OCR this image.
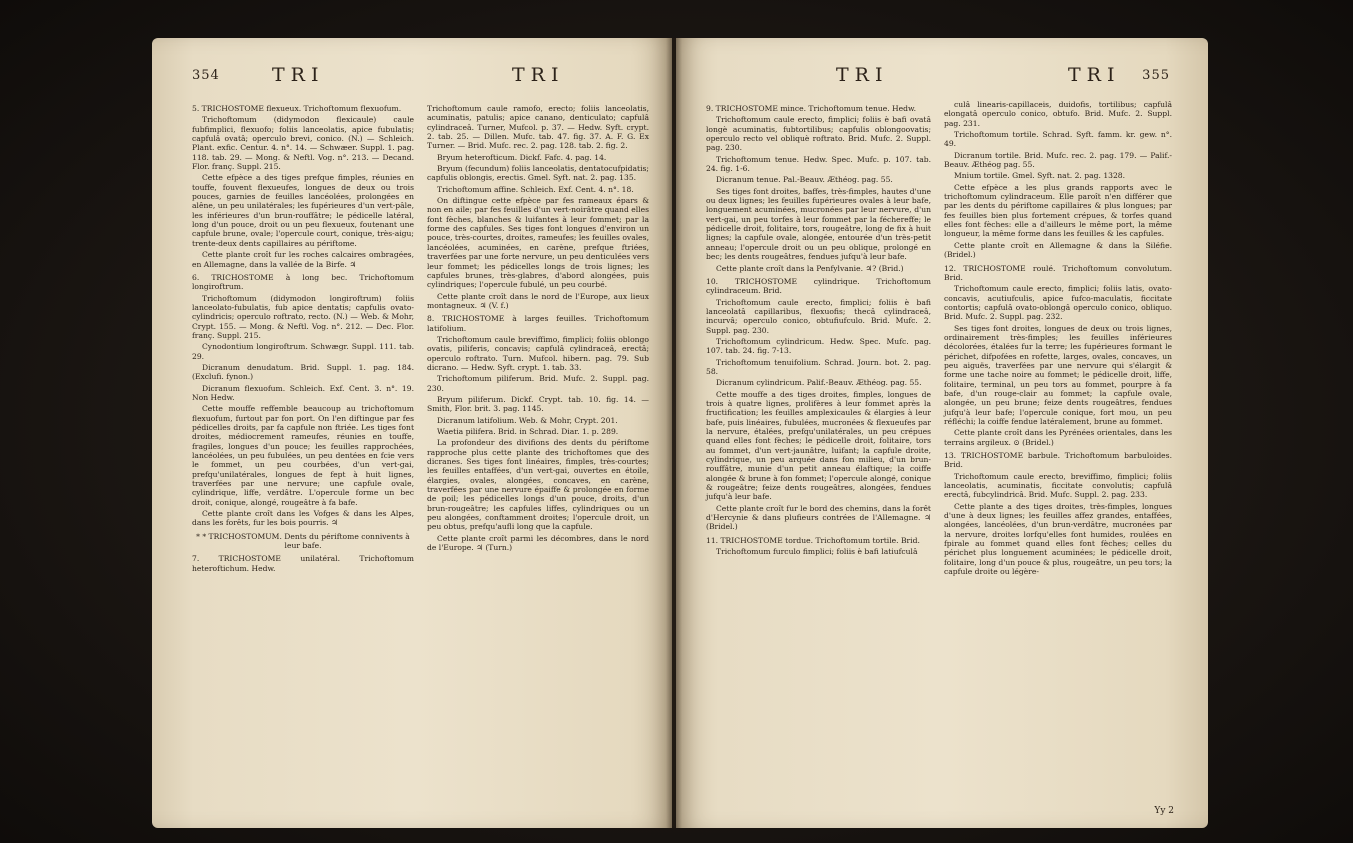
354	TRI	TRI

5. TRICHOSTOME flexueux. Trichoftomum flexuofum.

Trichoftomum (didymodon flexicaule) caule fubfimplici, flexuofo; foliis lanceolatis, apice fubulatis; capfulâ ovatâ; operculo brevi, conico. (N.) — Schleich. Plant. exfic. Centur. 4. n°. 14. — Schwæer. Suppl. 1. pag. 118. tab. 29. — Mong. & Neftl. Vog. n°. 213. — Decand. Flor. franç. Suppl. 215.

Cette efpèce a des tiges prefque fimples, réunies en touffe, fouvent flexueufes, longues de deux ou trois pouces, garnies de feuilles lancéolées, prolongées en alêne, un peu unilatérales; les fupérieures d'un vert-pâle, les inférieures d'un brun-rouffâtre; le pédicelle latéral, long d'un pouce, droit ou un peu flexueux, foutenant une capfule brune, ovale; l'opercule court, conique, très-aigu; trente-deux dents capillaires au périftome.

Cette plante croît fur les roches calcaires ombragées, en Allemagne, dans la vallée de la Birfe. ♃

6. TRICHOSTOME à long bec. Trichoftomum longiroftrum.

Trichoftomum (didymodon longiroftrum) foliis lanceolato-fubulatis, fub apice dentatis; capfulis ovato-cylindricis; operculo roftrato, recto. (N.) — Web. & Mohr, Crypt. 155. — Mong. & Neftl. Vog. n°. 212. — Dec. Flor. franç. Suppl. 215.

Cynodontium longiroftrum. Schwægr. Suppl. 111. tab. 29.

Dicranum denudatum. Brid. Suppl. 1. pag. 184. (Exclufi. fynon.)

Dicranum flexuofum. Schleich. Exf. Cent. 3. n°. 19. Non Hedw.

Cette mouffe reffemble beaucoup au trichoftomum flexuofum, furtout par fon port. On l'en diftingue par fes pédicelles droits, par fa capfule non ftriée. Les tiges font droites, médiocrement rameufes, réunies en touffe, fragiles, longues d'un pouce; les feuilles rapprochées, lancéolées, un peu fubulées, un peu dentées en fcie vers le fommet, un peu courbées, d'un vert-gai, prefqu'unilatérales, longues de fept à huit lignes, traverfées par une nervure; une capfule ovale, cylindrique, liffe, verdâtre. L'opercule forme un bec droit, conique, alongé, rougeâtre à fa bafe.

Cette plante croît dans les Vofges & dans les Alpes, dans les forêts, fur les bois pourris. ♃

* * TRICHOSTOMUM. Dents du périftome connivents à leur bafe.

7. TRICHOSTOME unilatéral. Trichoftomum heteroftichum. Hedw.

Trichoftomum caule ramofo, erecto; foliis lanceolatis, acuminatis, patulis; apice canano, denticulato; capfulâ cylindraceâ. Turner, Mufcol. p. 37. — Hedw. Syft. crypt. 2. tab. 25. — Dillen. Mufc. tab. 47. fig. 37. A. F. G. Ex Turner. — Brid. Mufc. rec. 2. pag. 128. tab. 2. fig. 2.

Bryum heterofticum. Dickf. Fafc. 4. pag. 14.

Bryum (fecundum) foliis lanceolatis, dentatocufpidatis; capfulis oblongis, erectis. Gmel. Syft. nat. 2. pag. 135.

Trichoftomum affine. Schleich. Exf. Cent. 4. n°. 18.

On diftingue cette efpèce par fes rameaux épars & non en aile; par fes feuilles d'un vert-noirâtre quand elles font fèches, blanches & luifantes à leur fommet; par la forme des capfules. Ses tiges font longues d'environ un pouce, très-courtes, droites, rameufes; les feuilles ovales, lancéolées, acuminées, en carène, prefque ftriées, traverfées par une forte nervure, un peu denticulées vers leur fommet; les pédicelles longs de trois lignes; les capfules brunes, très-glabres, d'abord alongées, puis cylindriques; l'opercule fubulé, un peu courbé.

Cette plante croît dans le nord de l'Europe, aux lieux montagneux. ♃ (V. f.)

8. TRICHOSTOME à larges feuilles. Trichoftomum latifolium.

Trichoftomum caule breviffimo, fimplici; foliis oblongo ovatis, piliferis, concavis; capfulâ cylindraceâ, erectâ; operculo roftrato. Turn. Mufcol. hibern. pag. 79. Sub dicrano. — Hedw. Syft. crypt. 1. tab. 33.

Trichoftomum piliferum. Brid. Mufc. 2. Suppl. pag. 230.

Bryum piliferum. Dickf. Crypt. tab. 10. fig. 14. — Smith, Flor. brit. 3. pag. 1145.

Dicranum latifolium. Web. & Mohr, Crypt. 201.

Waetia pilifera. Brid. in Schrad. Diar. 1. p. 289.

La profondeur des divifions des dents du périftome rapproche plus cette plante des trichoftomes que des dicranes. Ses tiges font linéaires, fimples, très-courtes; les feuilles entaffées, d'un vert-gai, ouvertes en étoile, élargies, ovales, alongées, concaves, en carène, traverfées par une nervure épaiffe & prolongée en forme de poil; les pédicelles longs d'un pouce, droits, d'un brun-rougeâtre; les capfules liffes, cylindriques ou un peu alongées, conftamment droites; l'opercule droit, un peu obtus, prefqu'aufli long que la capfule.

Cette plante croît parmi les décombres, dans le nord de l'Europe. ♃ (Turn.)

TRI	TRI 355

9. TRICHOSTOME mince. Trichoftomum tenue. Hedw.

Trichoftomum caule erecto, fimplici; foliis è bafi ovatâ longè acuminatis, fubtortilibus; capfulis oblongoovatis; operculo recto vel obliquè roftrato. Brid. Mufc. 2. Suppl. pag. 230.

Trichoftomum tenue. Hedw. Spec. Mufc. p. 107. tab. 24. fig. 1-6.

Dicranum tenue. Pal.-Beauv. Æthéog. pag. 55.

Ses tiges font droites, baffes, très-fimples, hautes d'une ou deux lignes; les feuilles fupérieures ovales à leur bafe, longuement acuminées, mucronées par leur nervure, d'un vert-gai, un peu torfes à leur fommet par la féchereffe; le pédicelle droit, folitaire, tors, rougeâtre, long de fix à huit lignes; la capfule ovale, alongée, entourée d'un très-petit anneau; l'opercule droit ou un peu oblique, prolongé en bec; les dents rougeâtres, fendues jufqu'à leur bafe.

Cette plante croît dans la Penfylvanie. ♃? (Brid.)

10. TRICHOSTOME cylindrique. Trichoftomum cylindraceum. Brid.

Trichoftomum caule erecto, fimplici; foliis è bafi lanceolatâ capillaribus, flexuofis; thecâ cylindraceâ, incurvâ; operculo conico, obtufiufculo. Brid. Mufc. 2. Suppl. pag. 230.

Trichoftomum cylindricum. Hedw. Spec. Mufc. pag. 107. tab. 24. fig. 7-13.

Trichoftomum tenuifolium. Schrad. Journ. bot. 2. pag. 58.

Dicranum cylindricum. Palif.-Beauv. Æthéog. pag. 55.

Cette mouffe a des tiges droites, fimples, longues de trois à quatre lignes, prolifères à leur fommet après la fructification; les feuilles amplexicaules & élargies à leur bafe, puis linéaires, fubulées, mucronées & flexueufes par la nervure, étalées, prefqu'unilatérales, un peu crépues quand elles font fèches; le pédicelle droit, folitaire, tors au fommet, d'un vert-jaunâtre, luifant; la capfule droite, cylindrique, un peu arquée dans fon milieu, d'un brun-rouffâtre, munie d'un petit anneau élaftique; la coiffe alongée & brune à fon fommet; l'opercule alongé, conique & rougeâtre; feize dents rougeâtres, alongées, fendues jufqu'à leur bafe.

Cette plante croît fur le bord des chemins, dans la forêt d'Hercynie & dans plufieurs contrées de l'Allemagne. ♃ (Bridel.)

11. TRICHOSTOME tordue. Trichoftomum tortile. Brid.

Trichoftomum furculo fimplici; foliis è bafi latiufculâ

culâ linearis-capillaceis, duidofis, tortilibus; capfulâ elongatâ operculo conico, obtufo. Brid. Mufc. 2. Suppl. pag. 231.

Trichoftomum tortile. Schrad. Syft. famm. kr. gew. n°. 49.

Dicranum tortile. Brid. Mufc. rec. 2. pag. 179. — Palif.-Beauv. Æthéog pag. 55.

Mnium tortile. Gmel. Syft. nat. 2. pag. 1328.

Cette efpèce a les plus grands rapports avec le trichoftomum cylindraceum. Elle paroît n'en différer que par les dents du périftome capillaires & plus longues; par fes feuilles bien plus fortement crépues, & torfes quand elles font fèches: elle a d'ailleurs le même port, la même longueur, la même forme dans les feuilles & les capfules.

Cette plante croît en Allemagne & dans la Siléfie. (Bridel.)

12. TRICHOSTOME roulé. Trichoftomum convolutum. Brid.

Trichoftomum caule erecto, fimplici; foliis latis, ovato-concavis, acutiufculis, apice fufco-maculatis, ficcitate contortis; capfulâ ovato-oblongâ operculo conico, obliquo. Brid. Mufc. 2. Suppl. pag. 232.

Ses tiges font droites, longues de deux ou trois lignes, ordinairement très-fimples; les feuilles inférieures décolorées, étalées fur la terre; les fupérieures formant le périchet, difpofées en rofette, larges, ovales, concaves, un peu aiguës, traverfées par une nervure qui s'élargit & forme une tache noire au fommet; le pédicelle droit, liffe, folitaire, terminal, un peu tors au fommet, pourpre à fa bafe, d'un rouge-clair au fommet; la capfule ovale, alongée, un peu brune; feize dents rougeâtres, fendues jufqu'à leur bafe; l'opercule conique, fort mou, un peu réfléchi; la coiffe fendue latéralement, brune au fommet.

Cette plante croît dans les Pyrénées orientales, dans les terrains argileux. ⊙ (Bridel.)

13. TRICHOSTOME barbule. Trichoftomum barbuloides. Brid.

Trichoftomum caule erecto, breviffimo, fimplici; foliis lanceolatis, acuminatis, ficcitate convolutis; capfulâ erectâ, fubcylindricâ. Brid. Mufc. Suppl. 2. pag. 233.

Cette plante a des tiges droites, très-fimples, longues d'une à deux lignes; les feuilles affez grandes, entaffées, alongées, lancéolées, d'un brun-verdâtre, mucronées par la nervure, droites lorfqu'elles font humides, roulées en fpirale au fommet quand elles font fèches; celles du périchet plus longuement acuminées; le pédicelle droit, folitaire, long d'un pouce & plus, rougeâtre, un peu tors; la capfule droite ou légère-

Yy 2
